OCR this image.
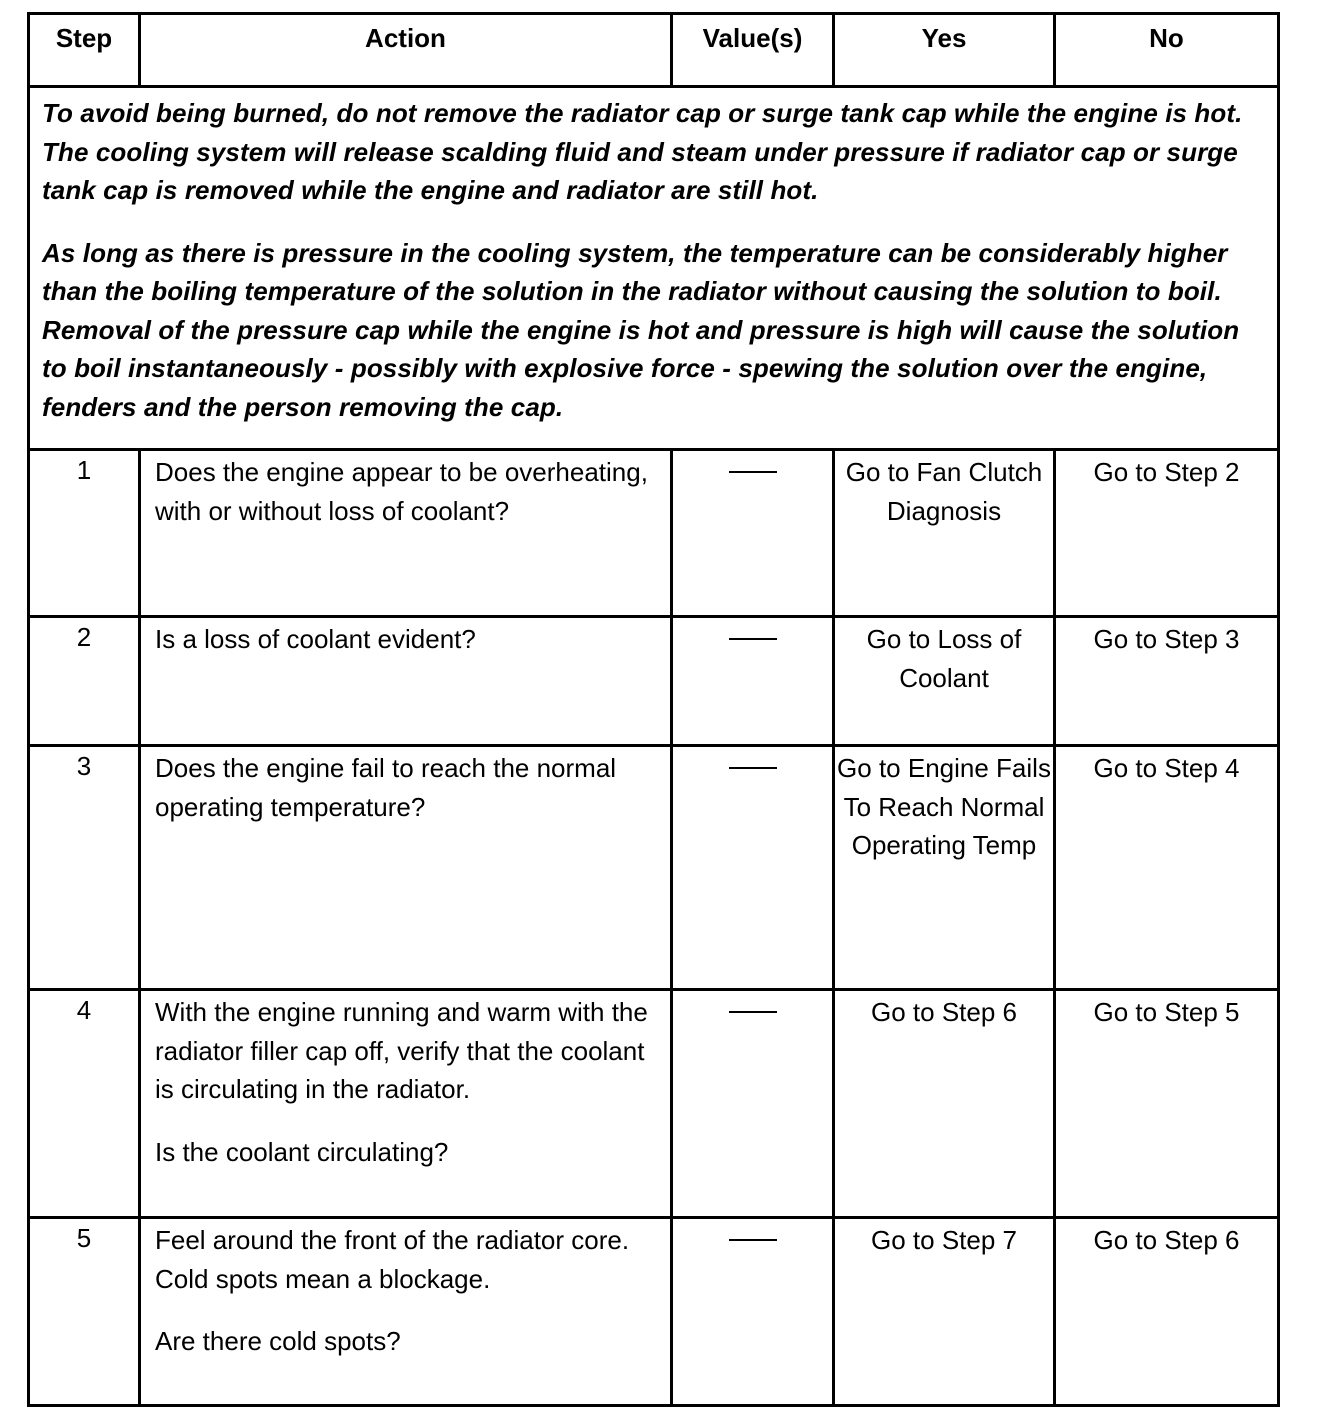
Step	Action	Value(s)	Yes	No

To avoid being burned, do not remove the radiator cap or surge tank cap while the engine is hot. The cooling system will release scalding fluid and steam under pressure if radiator cap or surge tank cap is removed while the engine and radiator are still hot.

As long as there is pressure in the cooling system, the temperature can be considerably higher than the boiling temperature of the solution in the radiator without causing the solution to boil. Removal of the pressure cap while the engine is hot and pressure is high will cause the solution to boil instantaneously - possibly with explosive force - spewing the solution over the engine, fenders and the person removing the cap.				

1	Does the engine appear to be overheating, with or without loss of coolant?		Go to Fan Clutch Diagnosis	Go to Step 2
2	Is a loss of coolant evident?		Go to Loss of Coolant	Go to Step 3
3	Does the engine fail to reach the normal operating temperature?		Go to Engine Fails To Reach Normal Operating Temp	Go to Step 4
4	With the engine running and warm with the radiator filler cap off, verify that the coolant is circulating in the radiator.

Is the coolant circulating?		Go to Step 6	Go to Step 5
5	Feel around the front of the radiator core. Cold spots mean a blockage.

Are there cold spots?		Go to Step 7	Go to Step 6
